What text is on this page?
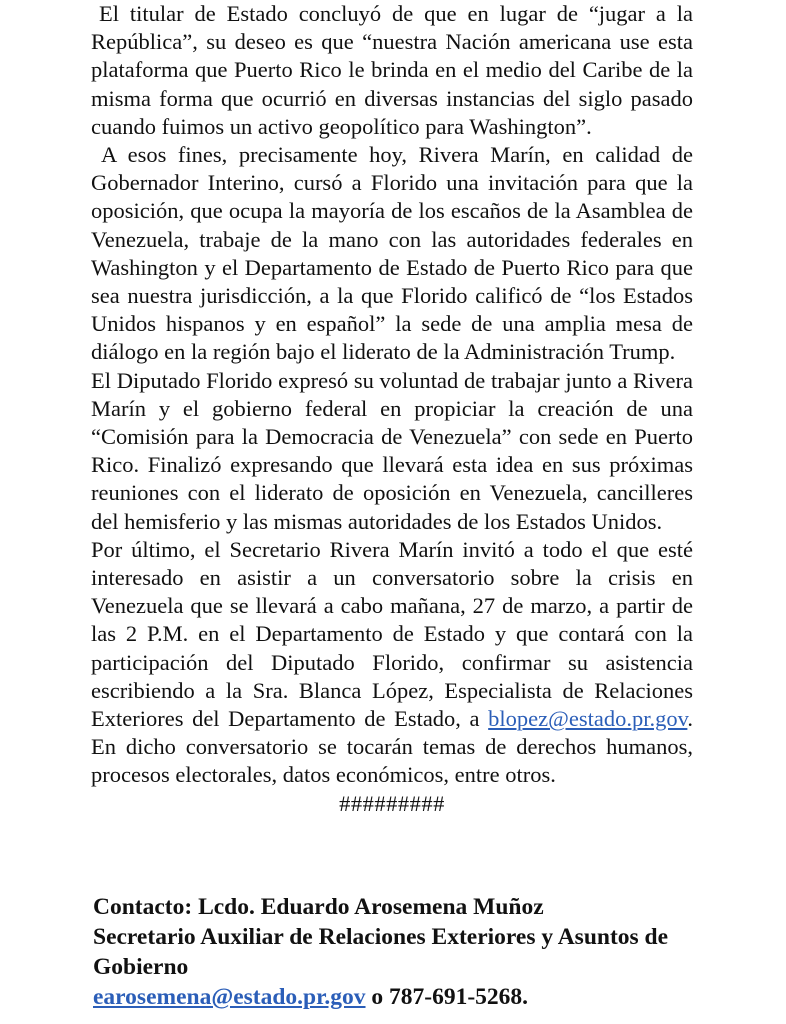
El titular de Estado concluyó de que en lugar de “jugar a la República”, su deseo es que “nuestra Nación americana use esta plataforma que Puerto Rico le brinda en el medio del Caribe de la misma forma que ocurrió en diversas instancias del siglo pasado cuando fuimos un activo geopolítico para Washington”.

A esos fines, precisamente hoy, Rivera Marín, en calidad de Gobernador Interino, cursó a Florido una invitación para que la oposición, que ocupa la mayoría de los escaños de la Asamblea de Venezuela, trabaje de la mano con las autoridades federales en Washington y el Departamento de Estado de Puerto Rico para que sea nuestra jurisdicción, a la que Florido calificó de “los Estados Unidos hispanos y en español” la sede de una amplia mesa de diálogo en la región bajo el liderato de la Administración Trump.

El Diputado Florido expresó su voluntad de trabajar junto a Rivera Marín y el gobierno federal en propiciar la creación de una “Comisión para la Democracia de Venezuela” con sede en Puerto Rico. Finalizó expresando que llevará esta idea en sus próximas reuniones con el liderato de oposición en Venezuela, cancilleres del hemisferio y las mismas autoridades de los Estados Unidos.

Por último, el Secretario Rivera Marín invitó a todo el que esté interesado en asistir a un conversatorio sobre la crisis en Venezuela que se llevará a cabo mañana, 27 de marzo, a partir de las 2 P.M. en el Departamento de Estado y que contará con la participación del Diputado Florido, confirmar su asistencia escribiendo a la Sra. Blanca López, Especialista de Relaciones Exteriores del Departamento de Estado, a blopez@estado.pr.gov. En dicho conversatorio se tocarán temas de derechos humanos, procesos electorales, datos económicos, entre otros.

#########

Contacto: Lcdo. Eduardo Arosemena Muñoz
Secretario Auxiliar de Relaciones Exteriores y Asuntos de Gobierno
earosemena@estado.pr.gov o 787-691-5268.
